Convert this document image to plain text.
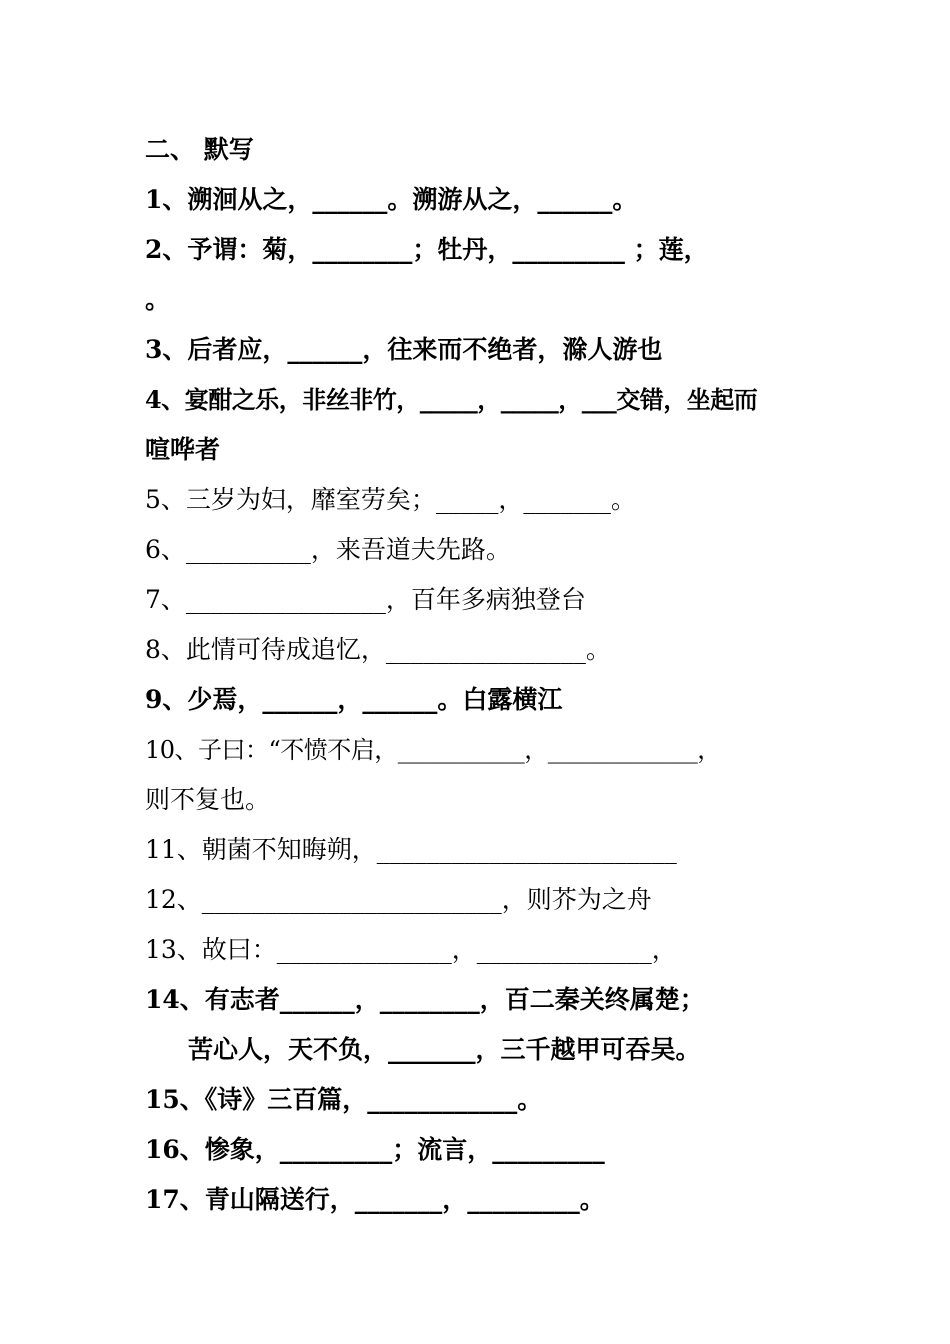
二、 默写
1、溯洄从之，______。溯游从之，______。
2、予谓：菊，________；牡丹，_________ ；莲，
。
3、后者应，______，往来而不绝者，滁人游也
4、宴酣之乐，非丝非竹，_____，_____，___交错，坐起而
喧哗者
5、三岁为妇，靡室劳矣；_____，_______。
6、__________，来吾道夫先路。
7、________________，百年多病独登台
8、此情可待成追忆，________________。
9、少焉，______，______。白露横江
10、子曰：“不愤不启，___________，_____________，
则不复也。
11、朝菌不知晦朔，________________________
12、________________________，则芥为之舟
13、故曰：______________，______________，
14、有志者______，________，百二秦关终属楚；
苦心人，天不负，_______，三千越甲可吞吴。
15、《诗》三百篇，____________。
16、惨象，_________；流言，_________
17、青山隔送行，_______，_________。
